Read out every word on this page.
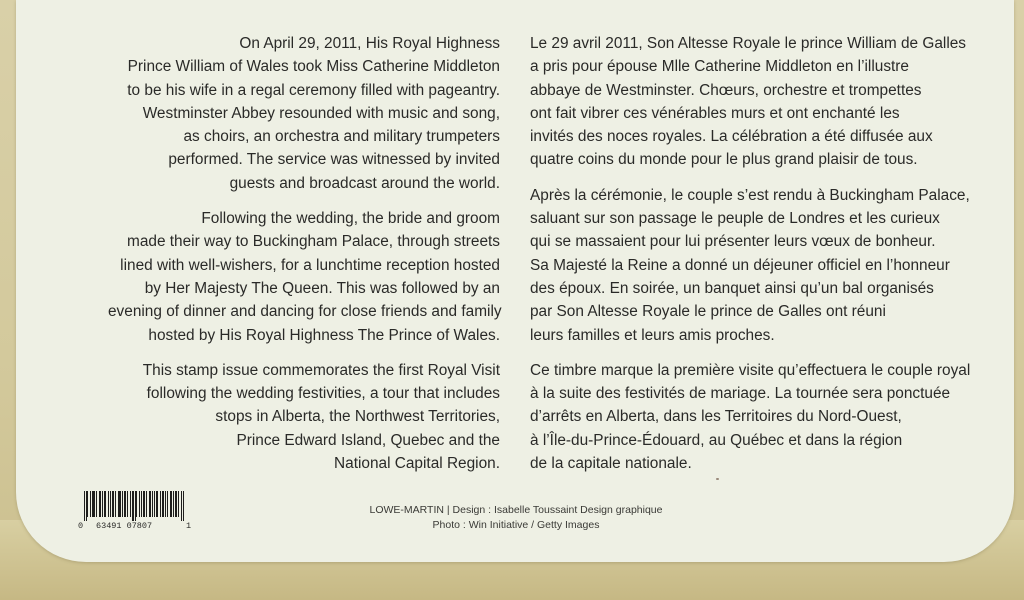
On April 29, 2011, His Royal Highness
Prince William of Wales took Miss Catherine Middleton
to be his wife in a regal ceremony filled with pageantry.
Westminster Abbey resounded with music and song,
as choirs, an orchestra and military trumpeters
performed. The service was witnessed by invited
guests and broadcast around the world.

Following the wedding, the bride and groom
made their way to Buckingham Palace, through streets
lined with well-wishers, for a lunchtime reception hosted
by Her Majesty The Queen. This was followed by an
evening of dinner and dancing for close friends and family
hosted by His Royal Highness The Prince of Wales.

This stamp issue commemorates the first Royal Visit
following the wedding festivities, a tour that includes
stops in Alberta, the Northwest Territories,
Prince Edward Island, Quebec and the
National Capital Region.

Le 29 avril 2011, Son Altesse Royale le prince William de Galles
a pris pour épouse Mlle Catherine Middleton en l’illustre
abbaye de Westminster. Chœurs, orchestre et trompettes
ont fait vibrer ces vénérables murs et ont enchanté les
invités des noces royales. La célébration a été diffusée aux
quatre coins du monde pour le plus grand plaisir de tous.

Après la cérémonie, le couple s’est rendu à Buckingham Palace,
saluant sur son passage le peuple de Londres et les curieux
qui se massaient pour lui présenter leurs vœux de bonheur.
Sa Majesté la Reine a donné un déjeuner officiel en l’honneur
des époux. En soirée, un banquet ainsi qu’un bal organisés
par Son Altesse Royale le prince de Galles ont réuni
leurs familles et leurs amis proches.

Ce timbre marque la première visite qu’effectuera le couple royal
à la suite des festivités de mariage. La tournée sera ponctuée
d’arrêts en Alberta, dans les Territoires du Nord-Ouest,
à l’Île-du-Prince-Édouard, au Québec et dans la région
de la capitale nationale.

0 63491 07807	1
LOWE-MARTIN | Design : Isabelle Toussaint Design graphique
Photo : Win Initiative / Getty Images
